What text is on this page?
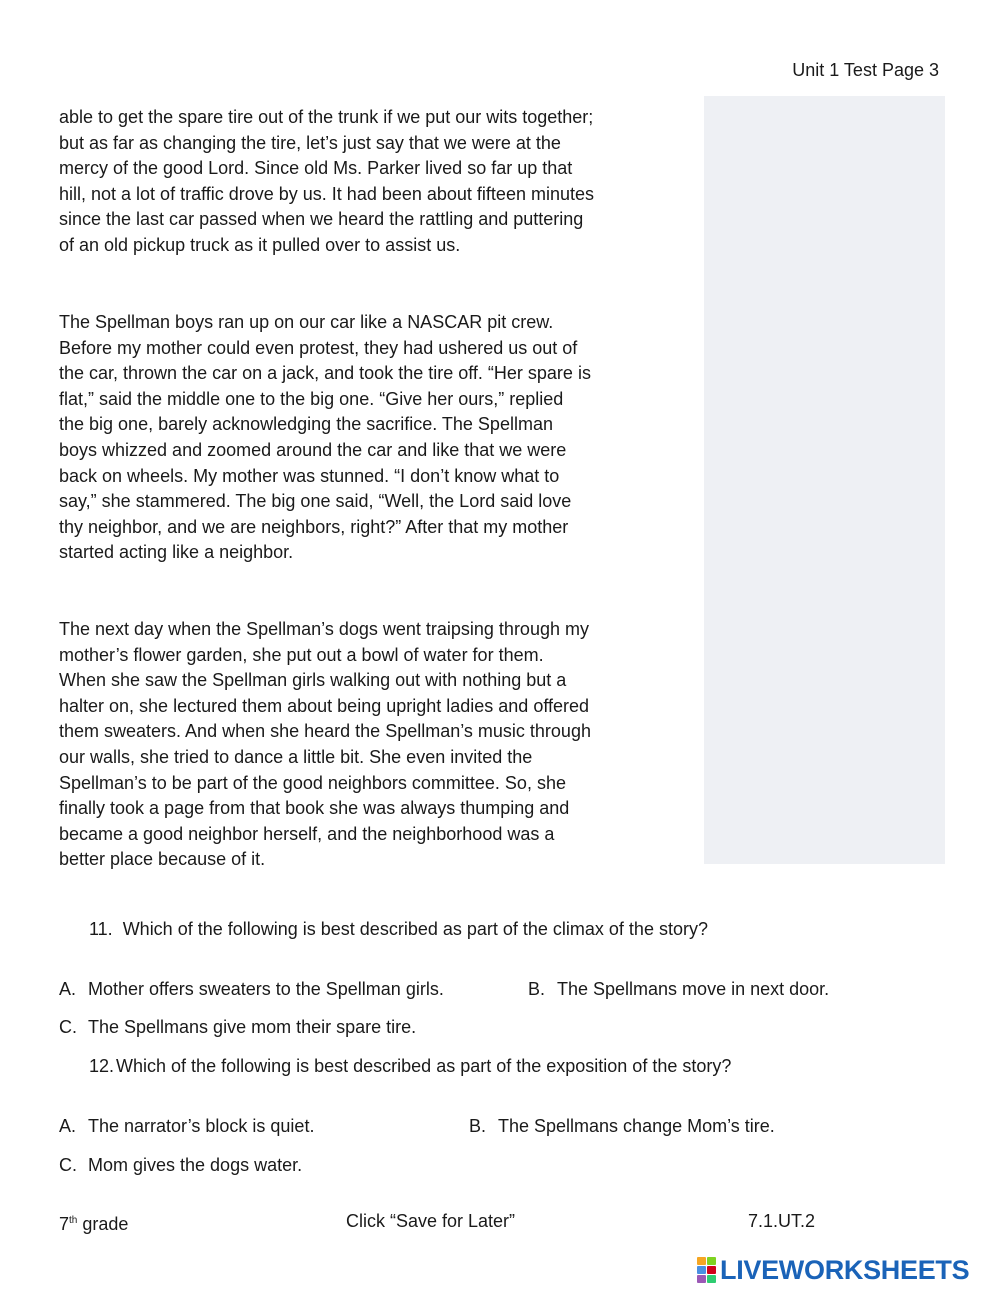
Unit 1 Test Page 3

able to get the spare tire out of the trunk if we put our wits together;
but as far as changing the tire, let’s just say that we were at the
mercy of the good Lord. Since old Ms. Parker lived so far up that
hill, not a lot of traffic drove by us. It had been about fifteen minutes
since the last car passed when we heard the rattling and puttering
of an old pickup truck as it pulled over to assist us.

The Spellman boys ran up on our car like a NASCAR pit crew.
Before my mother could even protest, they had ushered us out of
the car, thrown the car on a jack, and took the tire off. “Her spare is
flat,” said the middle one to the big one. “Give her ours,” replied
the big one, barely acknowledging the sacrifice. The Spellman
boys whizzed and zoomed around the car and like that we were
back on wheels. My mother was stunned. “I don’t know what to
say,” she stammered. The big one said, “Well, the Lord said love
thy neighbor, and we are neighbors, right?” After that my mother
started acting like a neighbor.

The next day when the Spellman’s dogs went traipsing through my
mother’s flower garden, she put out a bowl of water for them.
When she saw the Spellman girls walking out with nothing but a
halter on, she lectured them about being upright ladies and offered
them sweaters. And when she heard the Spellman’s music through
our walls, she tried to dance a little bit. She even invited the
Spellman’s to be part of the good neighbors committee. So, she
finally took a page from that book she was always thumping and
became a good neighbor herself, and the neighborhood was a
better place because of it.

11. Which of the following is best described as part of the climax of the story?
A. Mother offers sweaters to the Spellman girls.	B. The Spellmans move in next door.
C. The Spellmans give mom their spare tire.
12. Which of the following is best described as part of the exposition of the story?
A. The narrator’s block is quiet.	B. The Spellmans change Mom’s tire.
C. Mom gives the dogs water.
7th grade	Click “Save for Later”	7.1.UT.2
LIVEWORKSHEETS
